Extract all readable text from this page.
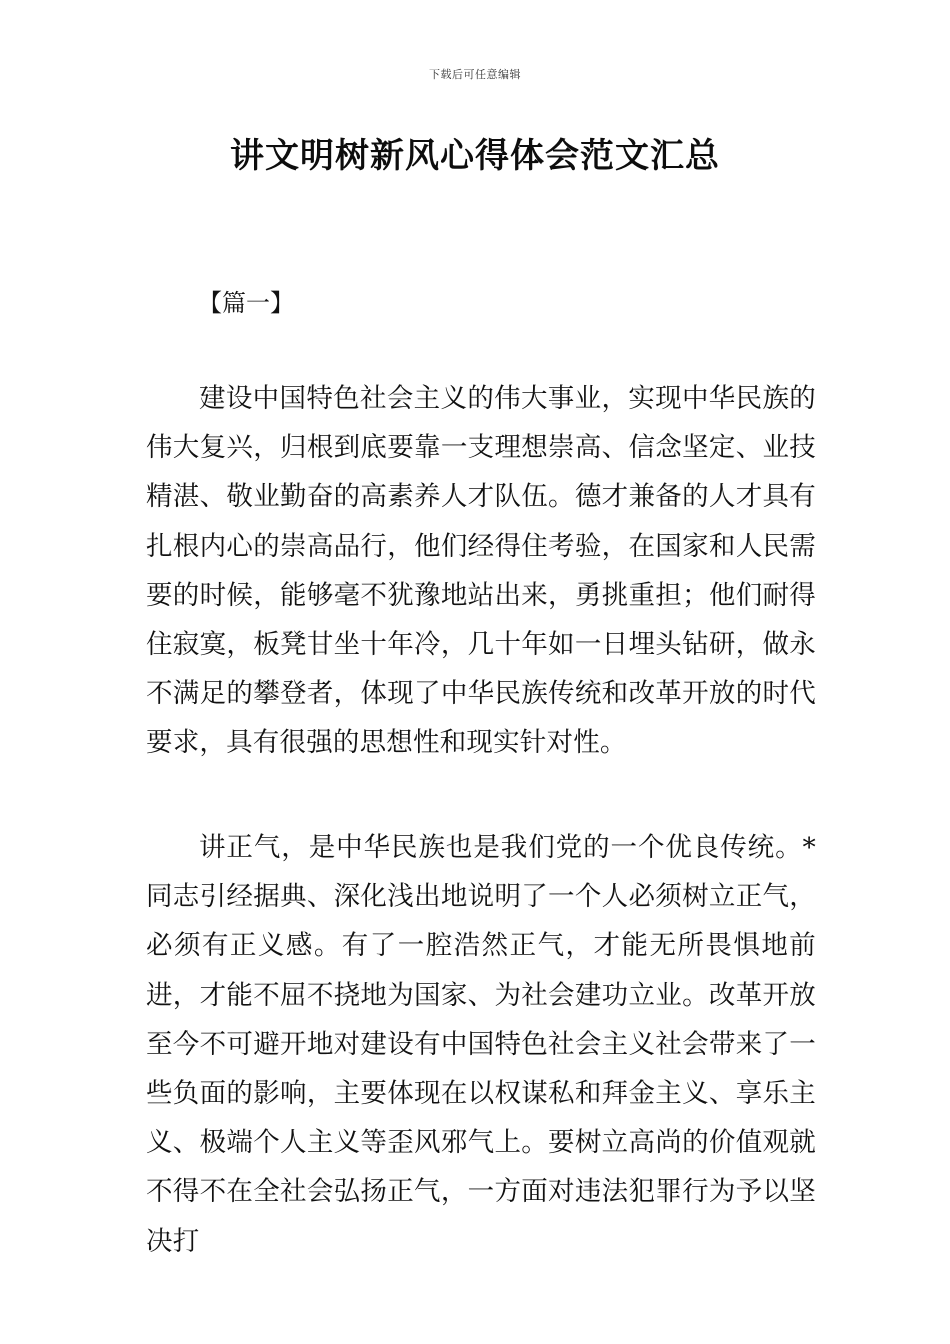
下载后可任意编辑
讲文明树新风心得体会范文汇总
【篇一】

建设中国特色社会主义的伟大事业，实现中华民族的伟大复兴，归根到底要靠一支理想崇高、信念坚定、业技精湛、敬业勤奋的高素养人才队伍。德才兼备的人才具有扎根内心的崇高品行，他们经得住考验，在国家和人民需要的时候，能够毫不犹豫地站出来，勇挑重担；他们耐得住寂寞，板凳甘坐十年冷，几十年如一日埋头钻研，做永不满足的攀登者，体现了中华民族传统和改革开放的时代要求，具有很强的思想性和现实针对性。

讲正气，是中华民族也是我们党的一个优良传统。*同志引经据典、深化浅出地说明了一个人必须树立正气，必须有正义感。有了一腔浩然正气，才能无所畏惧地前进，才能不屈不挠地为国家、为社会建功立业。改革开放至今不可避开地对建设有中国特色社会主义社会带来了一些负面的影响，主要体现在以权谋私和拜金主义、享乐主义、极端个人主义等歪风邪气上。要树立高尚的价值观就不得不在全社会弘扬正气，一方面对违法犯罪行为予以坚决打
